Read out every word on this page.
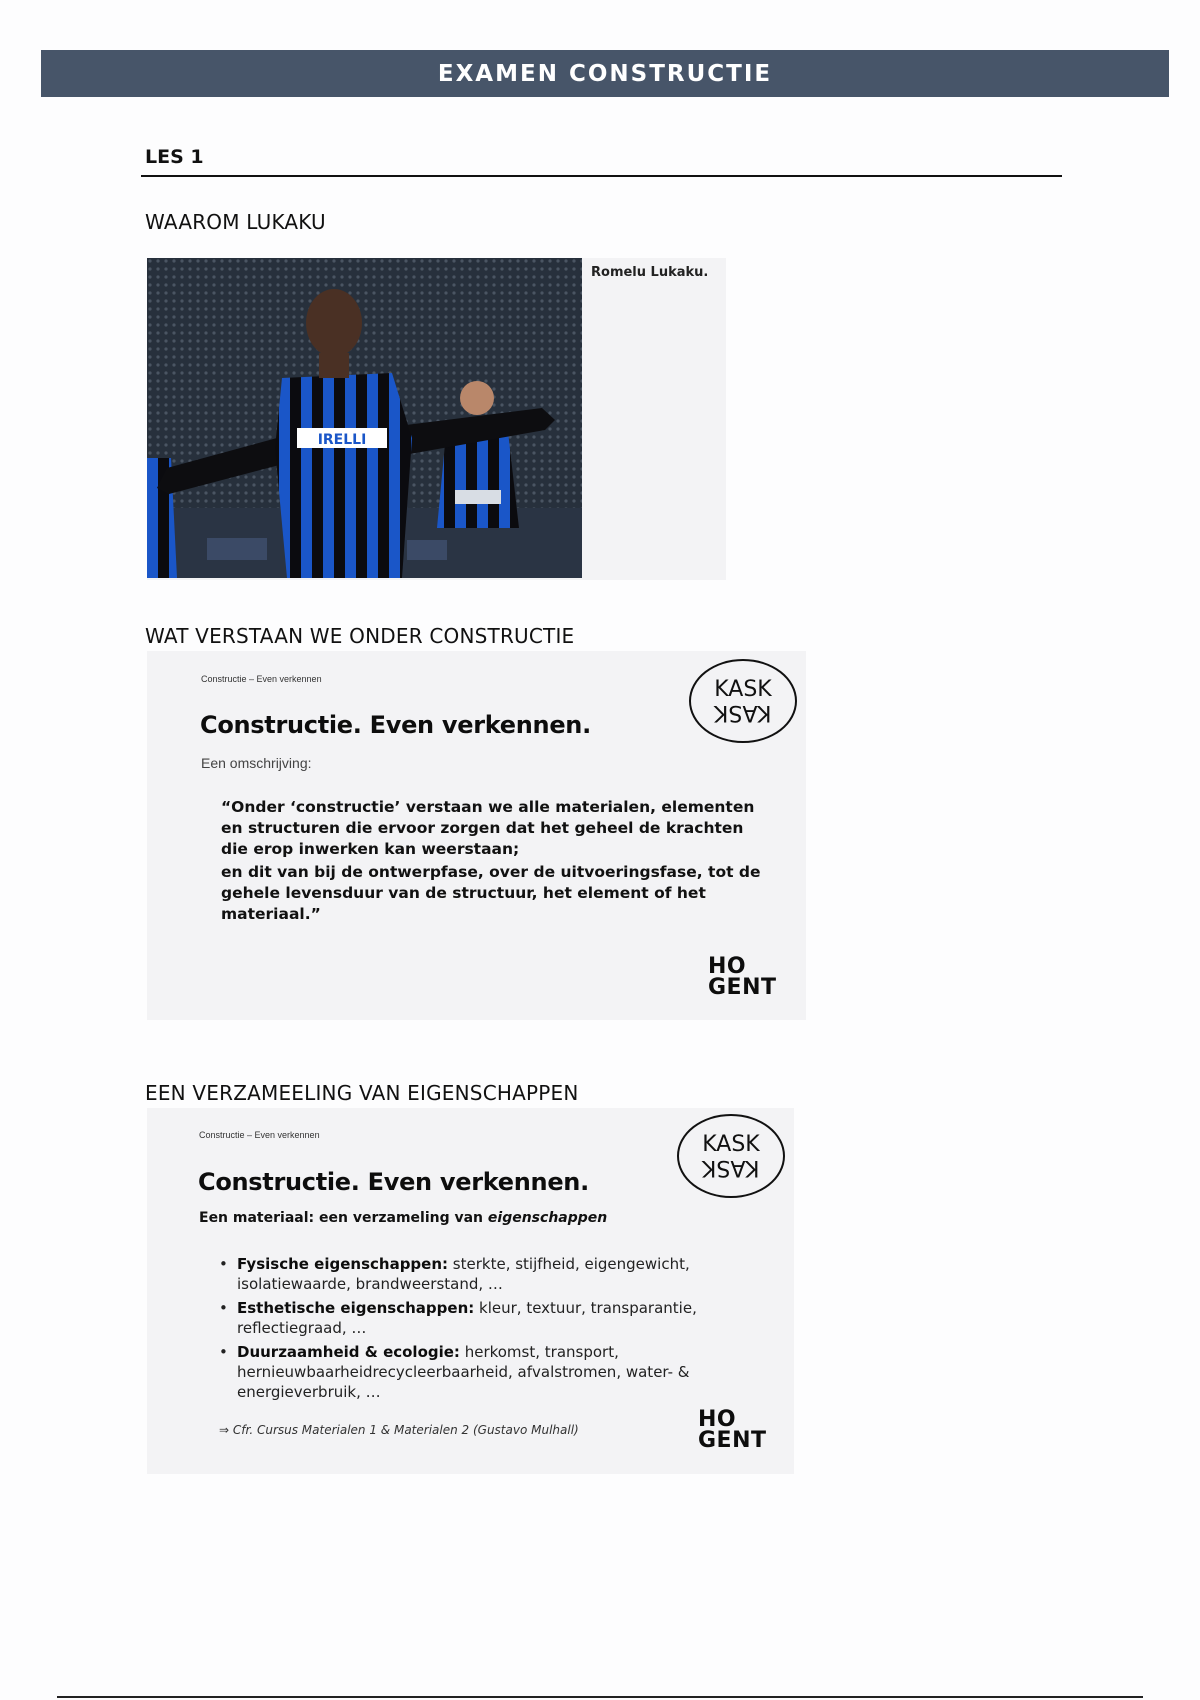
EXAMEN CONSTRUCTIE
LES 1
WAAROM LUKAKU
IRELLI
Romelu Lukaku.
WAT VERSTAAN WE ONDER CONSTRUCTIE
Constructie – Even verkennen
Constructie. Even verkennen.
Een omschrijving:

“Onder ‘constructie’ verstaan we alle materialen, elementen en structuren die ervoor zorgen dat het geheel de krachten die erop inwerken kan weerstaan;

en dit van bij de ontwerpfase, over de uitvoeringsfase, tot de gehele levensduur van de structuur, het element of het materiaal.”

KASK
KASK
HO
GENT
EEN VERZAMEELING VAN EIGENSCHAPPEN
Constructie – Even verkennen
Constructie. Even verkennen.
Een materiaal: een verzameling van eigenschappen
• Fysische eigenschappen: sterkte, stijfheid, eigengewicht, isolatiewaarde, brandweerstand, …
• Esthetische eigenschappen: kleur, textuur, transparantie, reflectiegraad, …
• Duurzaamheid & ecologie: herkomst, transport, hernieuwbaarheidrecycleerbaarheid, afvalstromen, water- & energieverbruik, …
⇒ Cfr. Cursus Materialen 1 & Materialen 2 (Gustavo Mulhall)
KASK
KASK
HO
GENT
